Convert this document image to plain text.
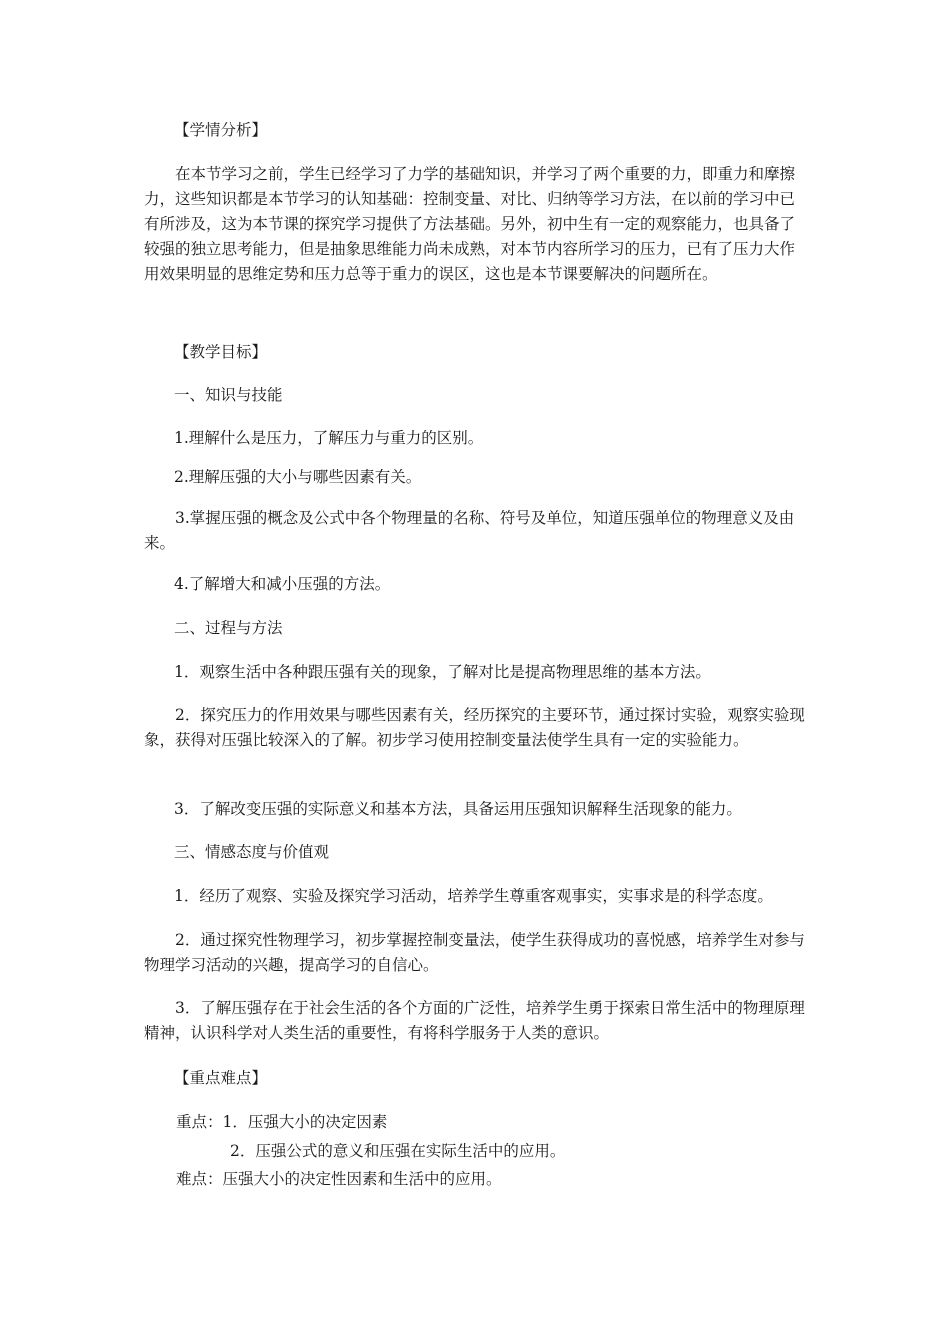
【学情分析】

在本节学习之前，学生已经学习了力学的基础知识，并学习了两个重要的力，即重力和摩擦力，这些知识都是本节学习的认知基础：控制变量、对比、归纳等学习方法，在以前的学习中已有所涉及，这为本节课的探究学习提供了方法基础。另外，初中生有一定的观察能力，也具备了较强的独立思考能力，但是抽象思维能力尚未成熟，对本节内容所学习的压力，已有了压力大作用效果明显的思维定势和压力总等于重力的误区，这也是本节课要解决的问题所在。

【教学目标】

一、知识与技能

1.理解什么是压力，了解压力与重力的区别。

2.理解压强的大小与哪些因素有关。

3.掌握压强的概念及公式中各个物理量的名称、符号及单位，知道压强单位的物理意义及由来。

4.了解增大和减小压强的方法。

二、过程与方法

1．观察生活中各种跟压强有关的现象，了解对比是提高物理思维的基本方法。

2．探究压力的作用效果与哪些因素有关，经历探究的主要环节，通过探讨实验，观察实验现象，获得对压强比较深入的了解。初步学习使用控制变量法使学生具有一定的实验能力。

3．了解改变压强的实际意义和基本方法，具备运用压强知识解释生活现象的能力。

三、情感态度与价值观

1．经历了观察、实验及探究学习活动，培养学生尊重客观事实，实事求是的科学态度。

2．通过探究性物理学习，初步掌握控制变量法，使学生获得成功的喜悦感，培养学生对参与物理学习活动的兴趣，提高学习的自信心。

3．了解压强存在于社会生活的各个方面的广泛性，培养学生勇于探索日常生活中的物理原理精神，认识科学对人类生活的重要性，有将科学服务于人类的意识。

【重点难点】

重点：1．压强大小的决定因素

2．压强公式的意义和压强在实际生活中的应用。

难点：压强大小的决定性因素和生活中的应用。
